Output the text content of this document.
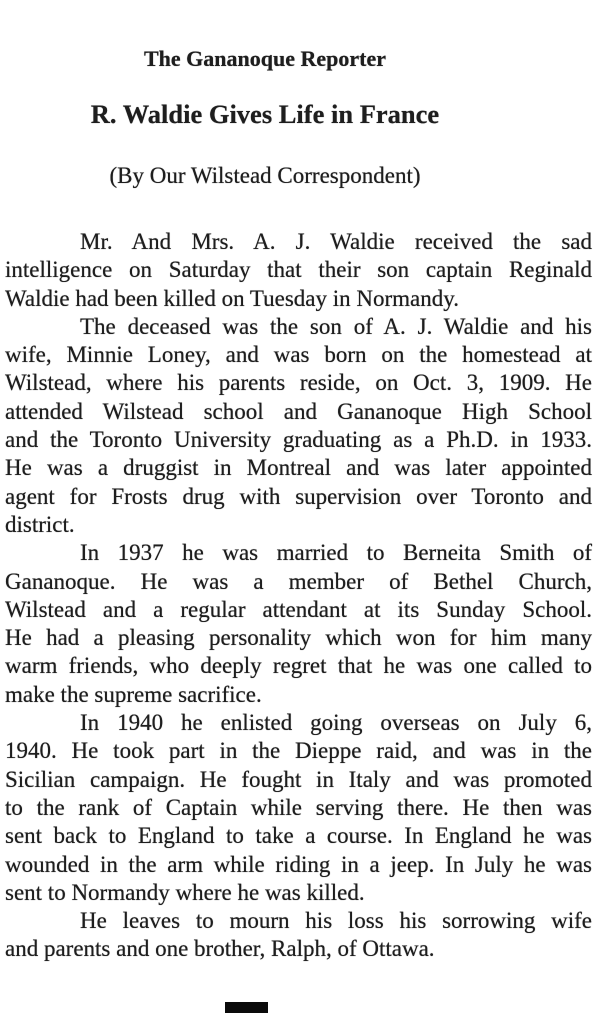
The Gananoque Reporter
R. Waldie Gives Life in France
(By Our Wilstead Correspondent)

Mr. And Mrs. A. J. Waldie received the sad
intelligence on Saturday that their son captain Reginald
Waldie had been killed on Tuesday in Normandy.

The deceased was the son of A. J. Waldie and his
wife, Minnie Loney, and was born on the homestead at
Wilstead, where his parents reside, on Oct. 3, 1909. He
attended Wilstead school and Gananoque High School
and the Toronto University graduating as a Ph.D. in 1933.
He was a druggist in Montreal and was later appointed
agent for Frosts drug with supervision over Toronto and
district.

In 1937 he was married to Berneita Smith of
Gananoque. He was a member of Bethel Church,
Wilstead and a regular attendant at its Sunday School.
He had a pleasing personality which won for him many
warm friends, who deeply regret that he was one called to
make the supreme sacrifice.

In 1940 he enlisted going overseas on July 6,
1940. He took part in the Dieppe raid, and was in the
Sicilian campaign. He fought in Italy and was promoted
to the rank of Captain while serving there. He then was
sent back to England to take a course. In England he was
wounded in the arm while riding in a jeep. In July he was
sent to Normandy where he was killed.

He leaves to mourn his loss his sorrowing wife
and parents and one brother, Ralph, of Ottawa.
